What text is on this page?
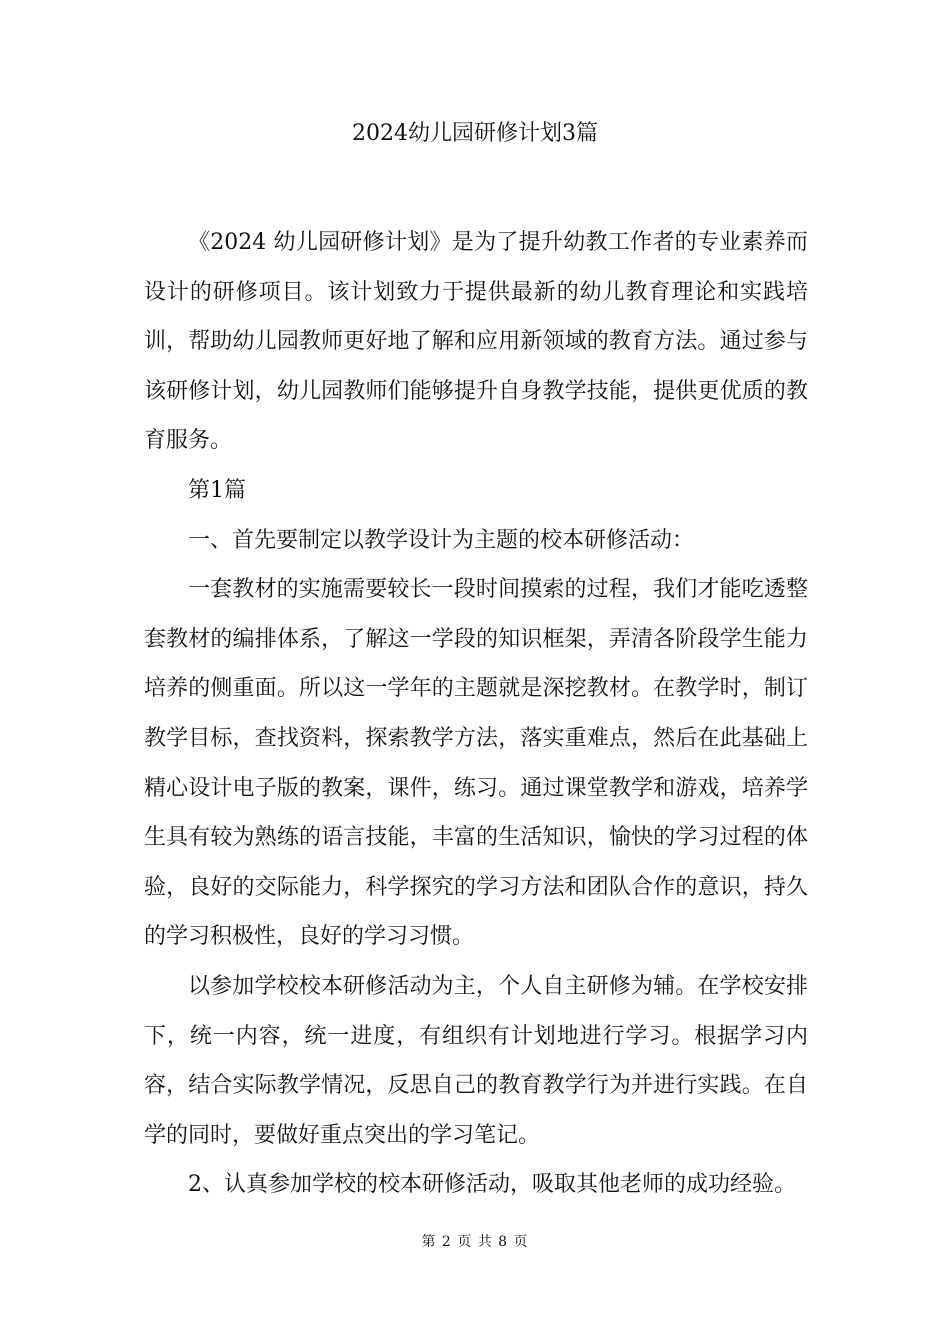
2024幼儿园研修计划3篇

《2024 幼儿园研修计划》是为了提升幼教工作者的专业素养而设计的研修项目。该计划致力于提供最新的幼儿教育理论和实践培训，帮助幼儿园教师更好地了解和应用新领域的教育方法。通过参与该研修计划，幼儿园教师们能够提升自身教学技能，提供更优质的教育服务。

第1篇

一、首先要制定以教学设计为主题的校本研修活动：

一套教材的实施需要较长一段时间摸索的过程，我们才能吃透整套教材的编排体系，了解这一学段的知识框架，弄清各阶段学生能力培养的侧重面。所以这一学年的主题就是深挖教材。在教学时，制订教学目标，查找资料，探索教学方法，落实重难点，然后在此基础上精心设计电子版的教案，课件，练习。通过课堂教学和游戏，培养学生具有较为熟练的语言技能，丰富的生活知识，愉快的学习过程的体验，良好的交际能力，科学探究的学习方法和团队合作的意识，持久的学习积极性，良好的学习习惯。

以参加学校校本研修活动为主，个人自主研修为辅。在学校安排下，统一内容，统一进度，有组织有计划地进行学习。根据学习内容，结合实际教学情况，反思自己的教育教学行为并进行实践。在自学的同时，要做好重点突出的学习笔记。

2、认真参加学校的校本研修活动，吸取其他老师的成功经验。

第 2 页 共 8 页
